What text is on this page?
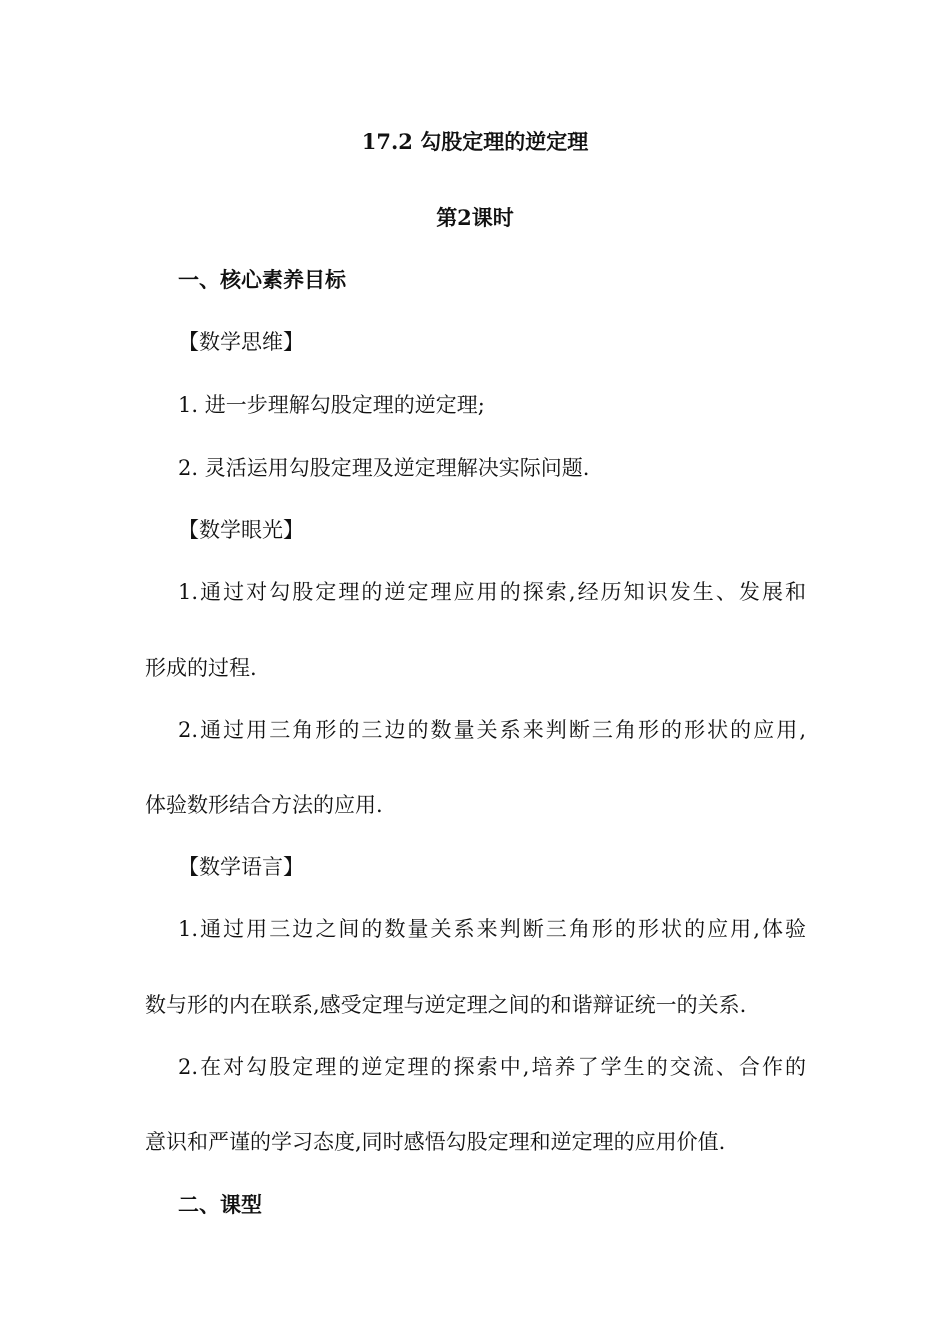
17.2 勾股定理的逆定理
第2课时
一、核心素养目标
【数学思维】
1. 进一步理解勾股定理的逆定理;
2. 灵活运用勾股定理及逆定理解决实际问题.
【数学眼光】
1.通过对勾股定理的逆定理应用的探索,经历知识发生、发展和
形成的过程.
2.通过用三角形的三边的数量关系来判断三角形的形状的应用,
体验数形结合方法的应用.
【数学语言】
1.通过用三边之间的数量关系来判断三角形的形状的应用,体验
数与形的内在联系,感受定理与逆定理之间的和谐辩证统一的关系.
2.在对勾股定理的逆定理的探索中,培养了学生的交流、合作的
意识和严谨的学习态度,同时感悟勾股定理和逆定理的应用价值.
二、课型
